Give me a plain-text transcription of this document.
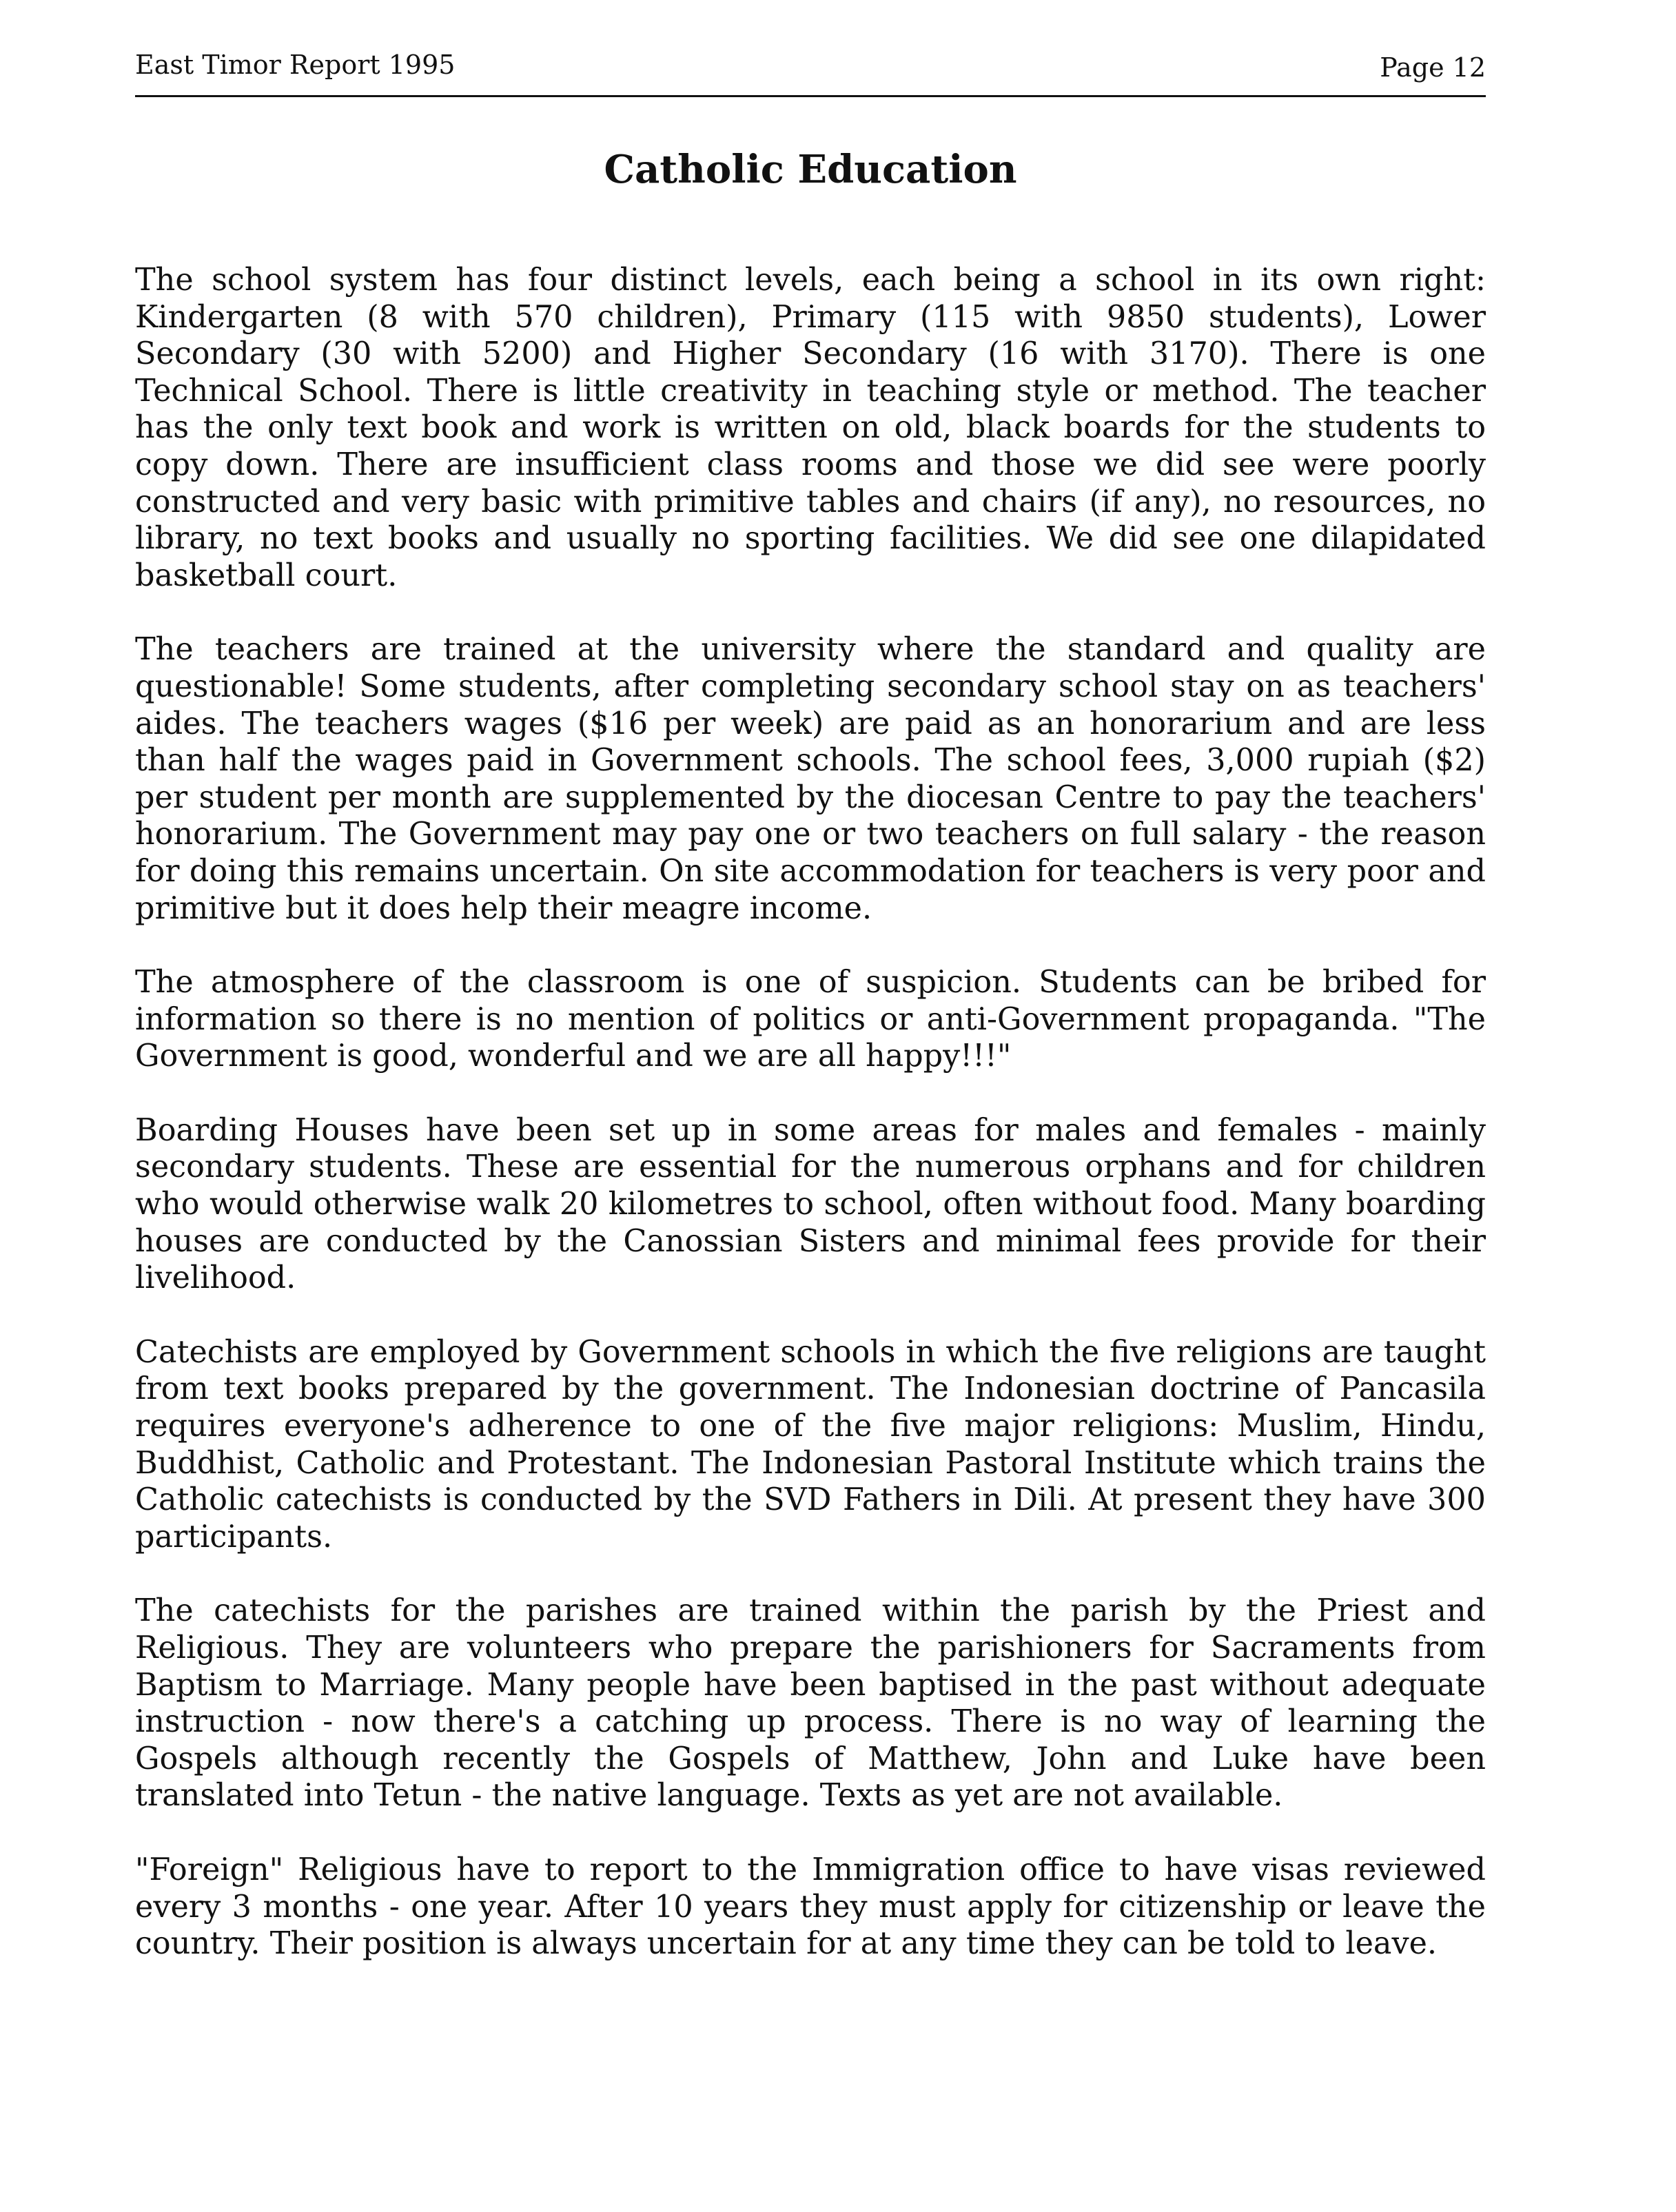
East Timor Report 1995	Page 12
Catholic Education

The school system has four distinct levels, each being a school in its own right: Kindergarten (8 with 570 children), Primary (115 with 9850 students), Lower Secondary (30 with 5200) and Higher Secondary (16 with 3170). There is one Technical School. There is little creativity in teaching style or method. The teacher has the only text book and work is written on old, black boards for the students to copy down. There are insufficient class rooms and those we did see were poorly constructed and very basic with primitive tables and chairs (if any), no resources, no library, no text books and usually no sporting facilities. We did see one dilapidated basketball court.

The teachers are trained at the university where the standard and quality are questionable! Some students, after completing secondary school stay on as teachers' aides. The teachers wages ($16 per week) are paid as an honorarium and are less than half the wages paid in Government schools. The school fees, 3,000 rupiah ($2) per student per month are supplemented by the diocesan Centre to pay the teachers' honorarium. The Government may pay one or two teachers on full salary - the reason for doing this remains uncertain. On site accommodation for teachers is very poor and primitive but it does help their meagre income.

The atmosphere of the classroom is one of suspicion. Students can be bribed for information so there is no mention of politics or anti-Government propaganda. "The Government is good, wonderful and we are all happy!!!"

Boarding Houses have been set up in some areas for males and females - mainly secondary students. These are essential for the numerous orphans and for children who would otherwise walk 20 kilometres to school, often without food. Many boarding houses are conducted by the Canossian Sisters and minimal fees provide for their livelihood.

Catechists are employed by Government schools in which the five religions are taught from text books prepared by the government. The Indonesian doctrine of Pancasila requires everyone's adherence to one of the five major religions: Muslim, Hindu, Buddhist, Catholic and Protestant. The Indonesian Pastoral Institute which trains the Catholic catechists is conducted by the SVD Fathers in Dili. At present they have 300 participants.

The catechists for the parishes are trained within the parish by the Priest and Religious. They are volunteers who prepare the parishioners for Sacraments from Baptism to Marriage. Many people have been baptised in the past without adequate instruction - now there's a catching up process. There is no way of learning the Gospels although recently the Gospels of Matthew, John and Luke have been translated into Tetun - the native language. Texts as yet are not available.

"Foreign" Religious have to report to the Immigration office to have visas reviewed every 3 months - one year. After 10 years they must apply for citizenship or leave the country. Their position is always uncertain for at any time they can be told to leave.
